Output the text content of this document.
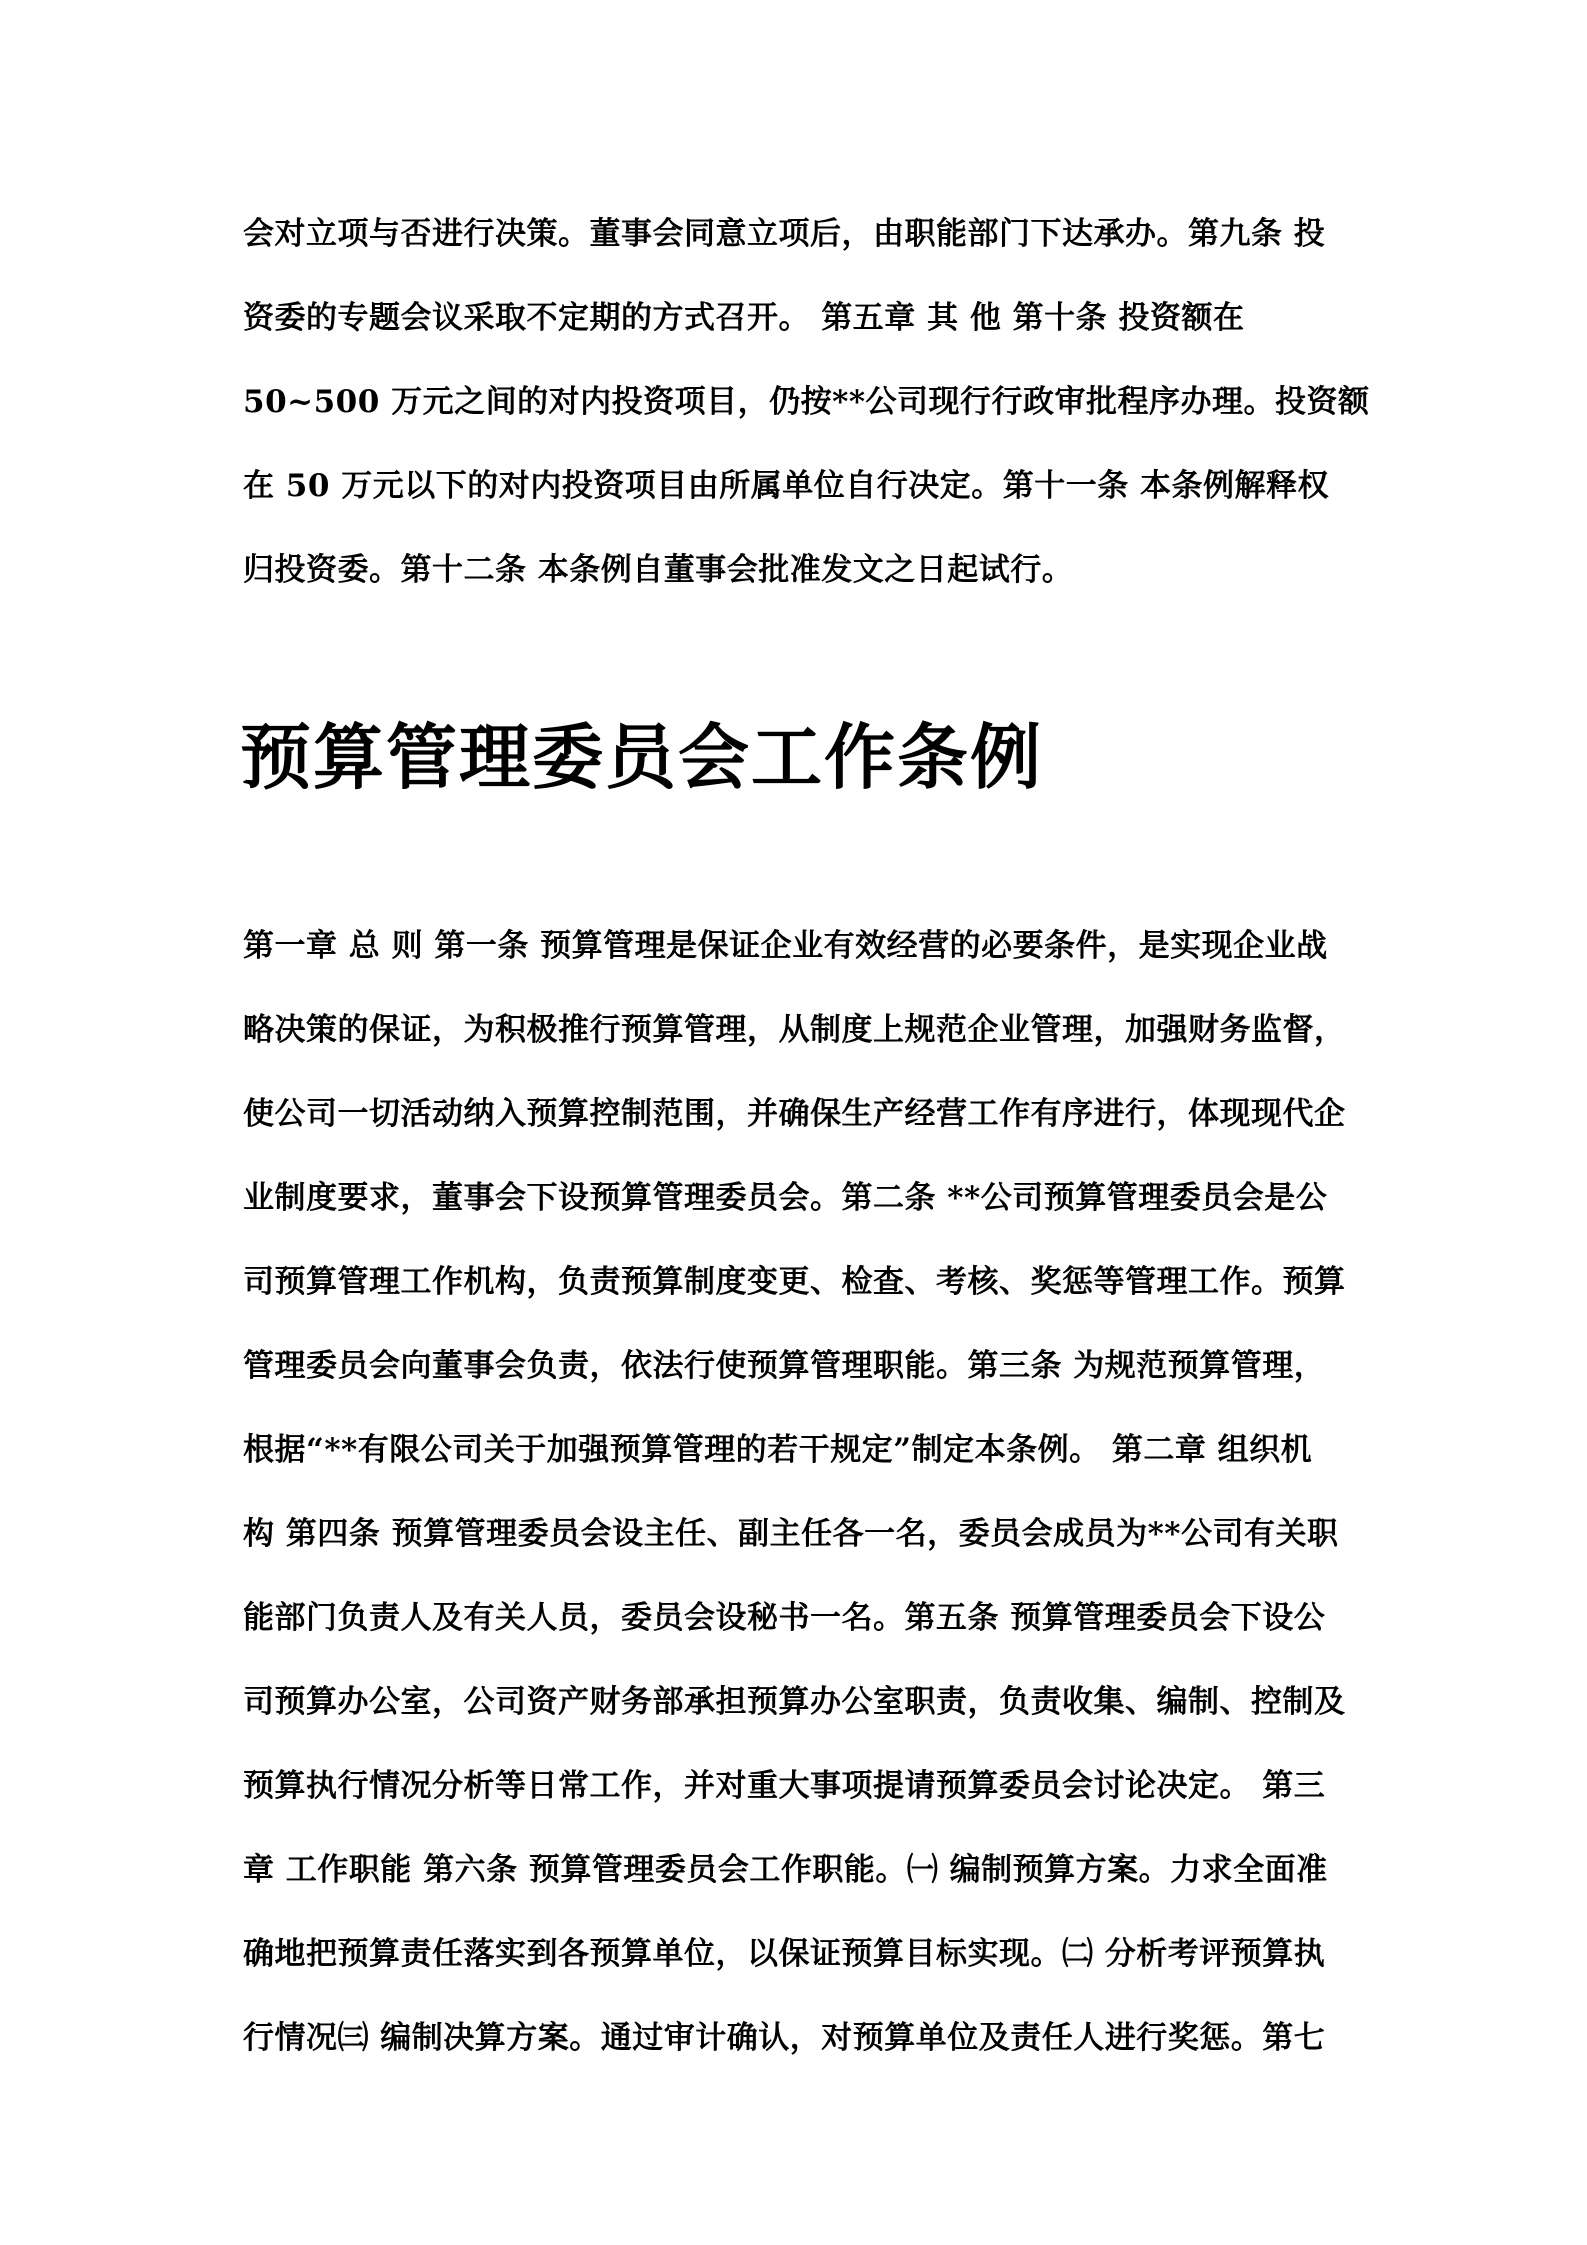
会对立项与否进行决策。董事会同意立项后，由职能部门下达承办。第九条 投
资委的专题会议采取不定期的方式召开。 第五章 其 他 第十条 投资额在
50~500 万元之间的对内投资项目，仍按**公司现行行政审批程序办理。投资额
在 50 万元以下的对内投资项目由所属单位自行决定。第十一条 本条例解释权
归投资委。第十二条 本条例自董事会批准发文之日起试行。
预算管理委员会工作条例
第一章 总 则 第一条 预算管理是保证企业有效经营的必要条件，是实现企业战
略决策的保证，为积极推行预算管理，从制度上规范企业管理，加强财务监督，
使公司一切活动纳入预算控制范围，并确保生产经营工作有序进行，体现现代企
业制度要求，董事会下设预算管理委员会。第二条 **公司预算管理委员会是公
司预算管理工作机构，负责预算制度变更、检查、考核、奖惩等管理工作。预算
管理委员会向董事会负责，依法行使预算管理职能。第三条 为规范预算管理，
根据“**有限公司关于加强预算管理的若干规定”制定本条例。 第二章 组织机
构 第四条 预算管理委员会设主任、副主任各一名，委员会成员为**公司有关职
能部门负责人及有关人员，委员会设秘书一名。第五条 预算管理委员会下设公
司预算办公室，公司资产财务部承担预算办公室职责，负责收集、编制、控制及
预算执行情况分析等日常工作，并对重大事项提请预算委员会讨论决定。 第三
章 工作职能 第六条 预算管理委员会工作职能。㈠ 编制预算方案。力求全面准
确地把预算责任落实到各预算单位，以保证预算目标实现。㈡ 分析考评预算执
行情况㈢ 编制决算方案。通过审计确认，对预算单位及责任人进行奖惩。第七
